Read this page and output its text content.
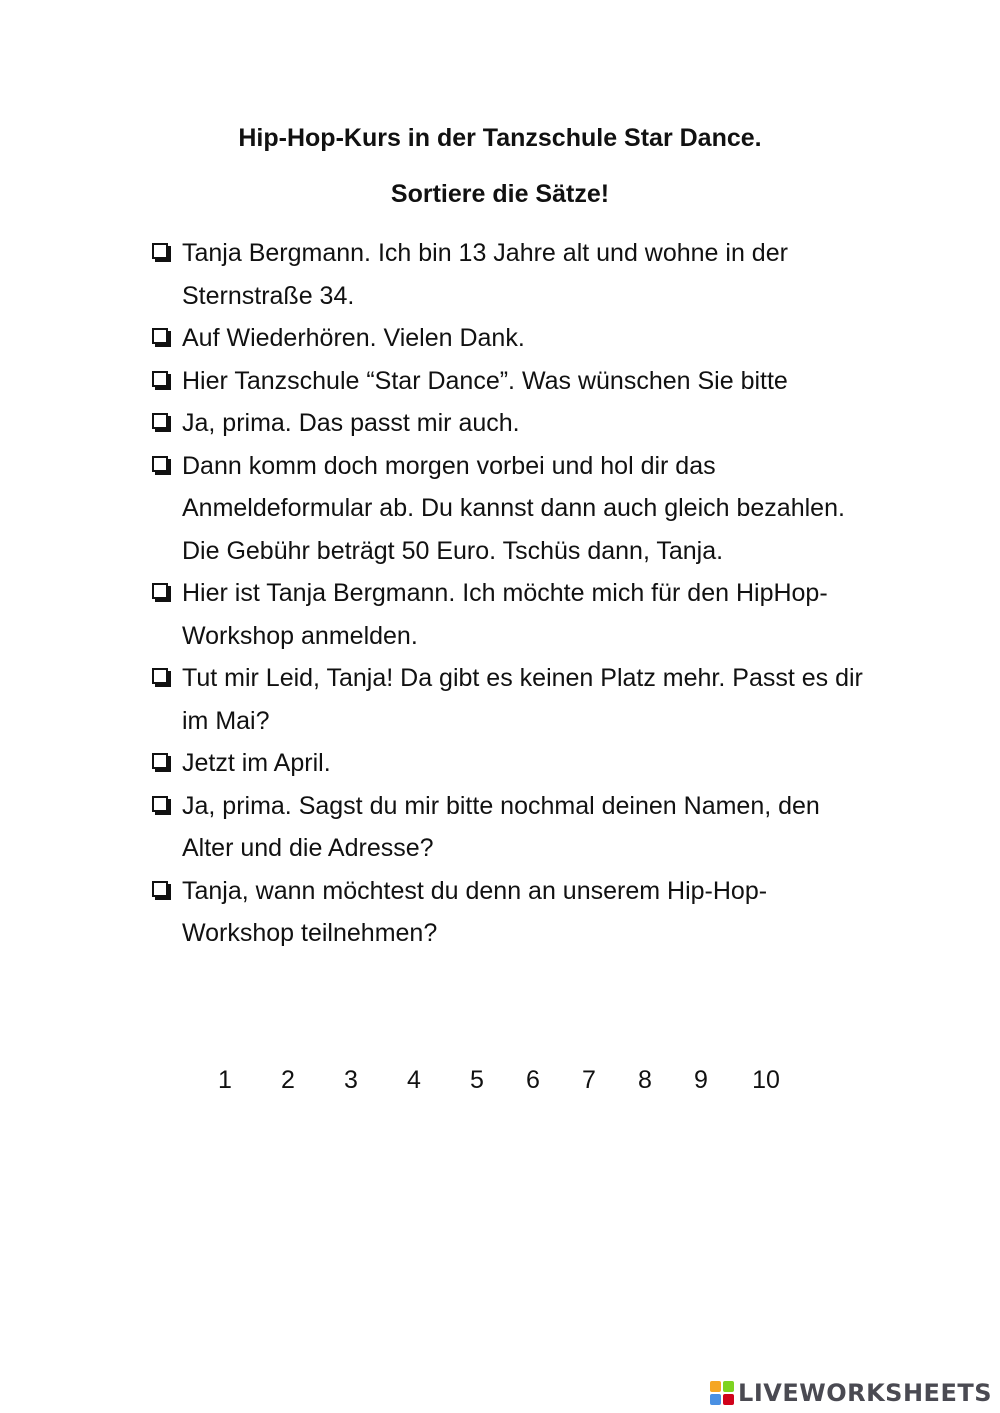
Hip-Hop-Kurs in der Tanzschule Star Dance.
Sortiere die Sätze!
Tanja Bergmann. Ich bin 13 Jahre alt und wohne in der Sternstraße 34.
Auf Wiederhören. Vielen Dank.
Hier Tanzschule “Star Dance”. Was wünschen Sie bitte
Ja, prima. Das passt mir auch.
Dann komm doch morgen vorbei und hol dir das Anmeldeformular ab. Du kannst dann auch gleich bezahlen. Die Gebühr beträgt 50 Euro. Tschüs dann, Tanja.
Hier ist Tanja Bergmann. Ich möchte mich für den HipHop-Workshop anmelden.
Tut mir Leid, Tanja! Da gibt es keinen Platz mehr. Passt es dir im Mai?
Jetzt im April.
Ja, prima. Sagst du mir bitte nochmal deinen Namen, den Alter und die Adresse?
Tanja, wann möchtest du denn an unserem Hip-Hop-Workshop teilnehmen?
1 2 3 4 5 6 7 8 9 10
LIVEWORKSHEETS
